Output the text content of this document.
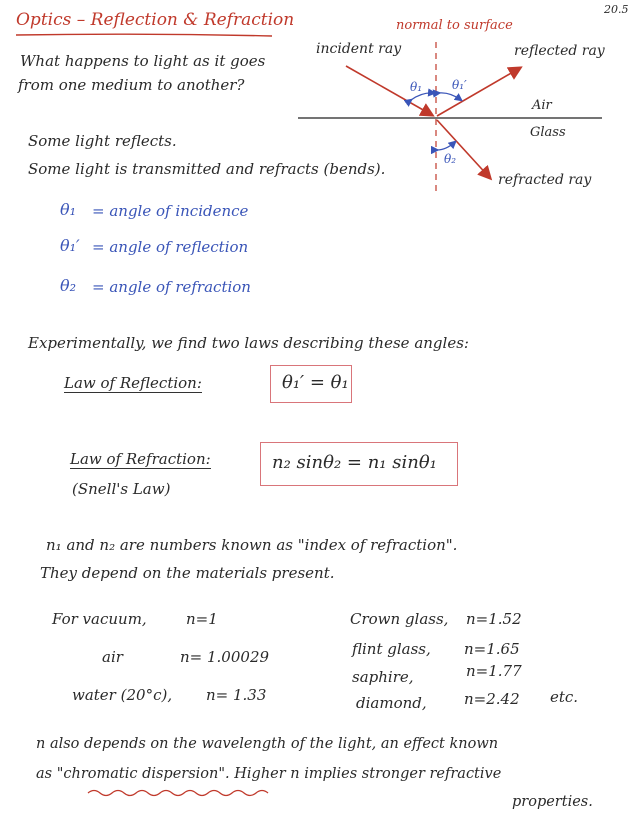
20.5
Optics – Reflection & Refraction
What happens to light as it goes
from one medium to another?
normal to surface
incident ray	reflected ray
refracted ray
Air
Glass
θ₁ θ₁′
θ₂
Some light reflects.
Some light is transmitted and refracts (bends).
θ₁ = angle of incidence
θ₁′ = angle of reflection
θ₂ = angle of refraction
Experimentally, we find two laws describing these angles:
Law of Reflection:	θ₁′ = θ₁
Law of Refraction:
(Snell's Law)
n₂ sinθ₂ = n₁ sinθ₁
n₁ and n₂ are numbers known as "index of refraction".
They depend on the materials present.
For vacuum,	n=1
air	n= 1.00029
water (20°c), n= 1.33
Crown glass, n=1.52
flint glass, n=1.65
saphire,	n=1.77
diamond, n=2.42 etc.
n also depends on the wavelength of the light, an effect known
as "chromatic dispersion". Higher n implies stronger refractive
properties.
